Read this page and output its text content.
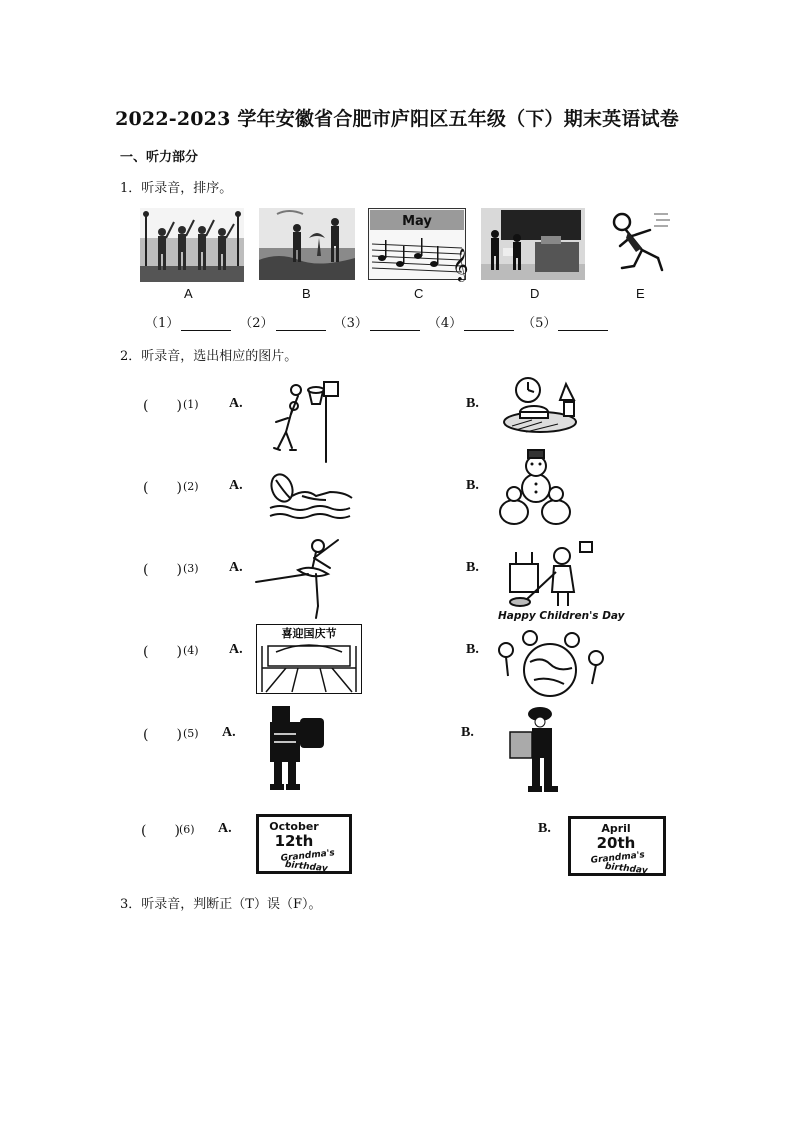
2022-2023 学年安徽省合肥市庐阳区五年级（下）期末英语试卷
一、听力部分
1．听录音，排序。
A	B
May
𝄞
C	D	E
（1）	（2）	（3）	（4）	（5）
2．听录音，选出相应的图片。
(　　) (1) A.	B.
(　　) (2) A.	B.
(　　) (3) A.	B.
Happy Children's Day
(　　) (4) A.
喜迎国庆节
B.
(　　) (5) A.	B.
(　　) (6) A.	October
12th
Grandma's
birthday
B.	April
20th
Grandma's
birthday
3．听录音，判断正（T）误（F）。
